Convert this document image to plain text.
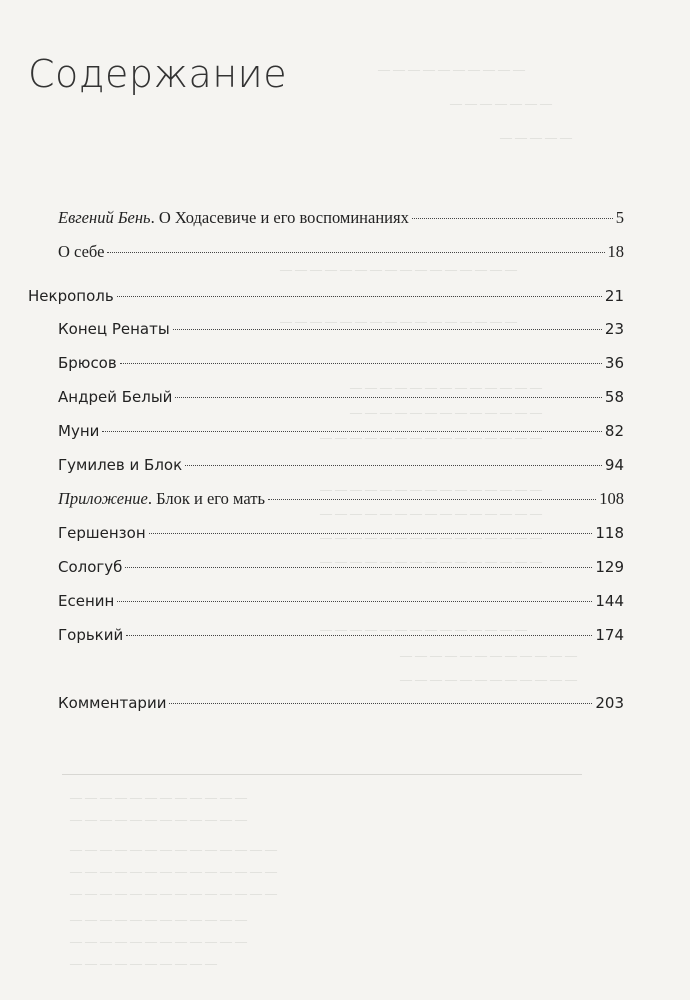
— — — — — — — — — —
— — — — — — —
— — — — —
— — — — — — — — — — — — — — — —
— — — — — — — — — — — — — — —
— — — — — — — — — — — — — — — —
— — — — — — — — — — — — —
— — — — — — — — — — — — —
— — — — — — — — — — — — — — —
— — — — — — — — — — — — — — —
— — — — — — — — — — — — — — —
— — — — — — — — — — — — — — —
— — — — — — — — — — — — — — —
— — — — — — — — — — — — — —
— — — — — — — — — — — —
— — — — — — — — — — — —
— — — — — — — — — — — —
— — — — — — — — — — — —
— — — — — — — — — — — — — —
— — — — — — — — — — — — — —
— — — — — — — — — — — — — —
— — — — — — — — — — — —
— — — — — — — — — — — —
— — — — — — — — — —
Содержание
Евгений Бень. О Ходасевиче и его воспоминаниях	5
О себе	18
Некрополь	21
Конец Ренаты	23
Брюсов	36
Андрей Белый	58
Муни	82
Гумилев и Блок	94
Приложение. Блок и его мать	108
Гершензон	118
Сологуб	129
Есенин	144
Горький	174
Комментарии	203
